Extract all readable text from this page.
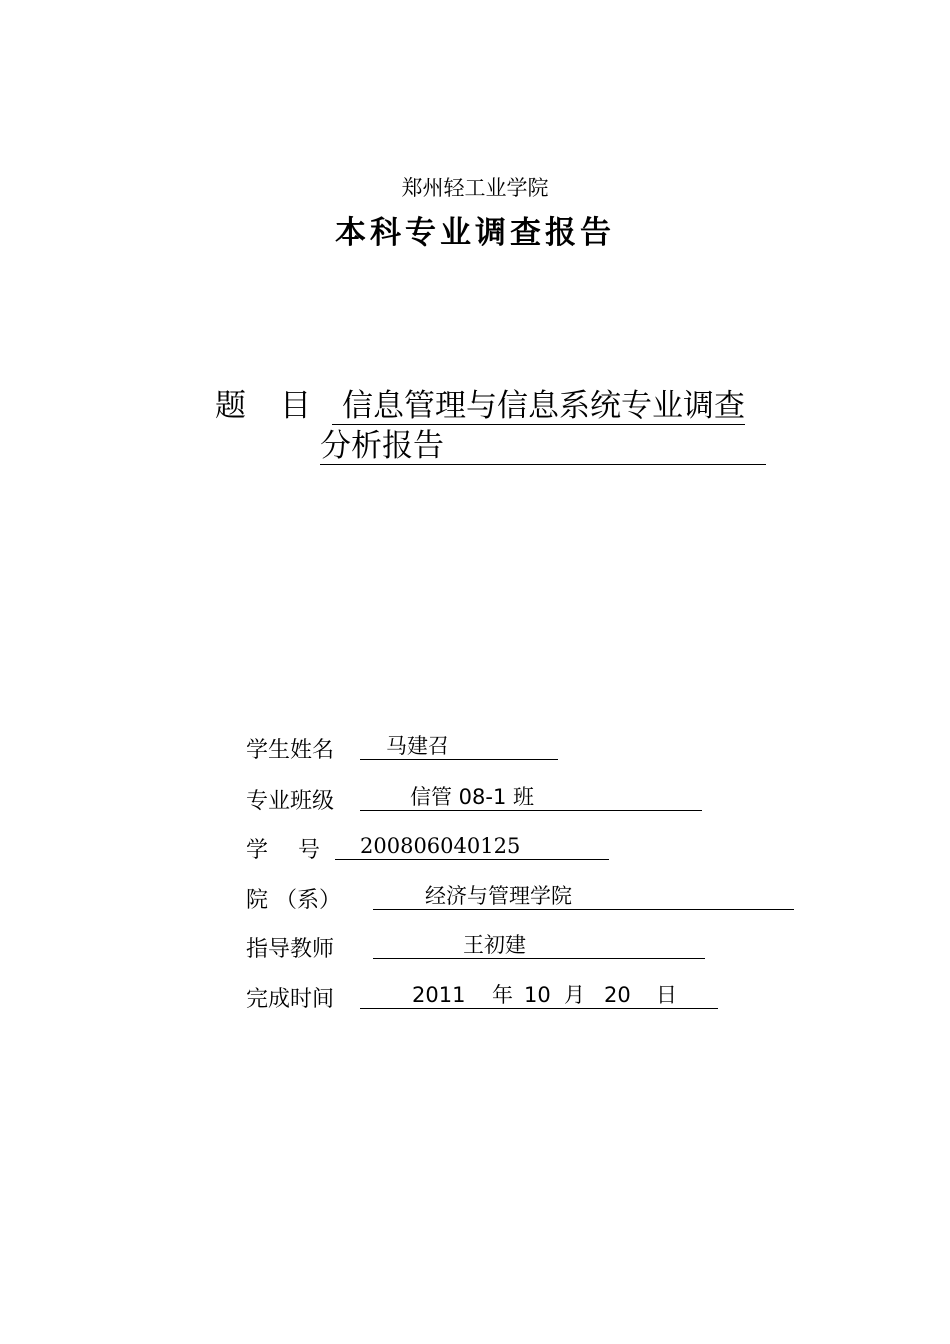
郑州轻工业学院
本科专业调查报告
题 目	信息管理与信息系统专业调查
分析报告
学生姓名 马建召

专业班级	信管 08-1 班

学 号 200806040125

院 （系）	经济与管理学院

指导教师	王初建

完成时间	2011 年 10 月 20 日
